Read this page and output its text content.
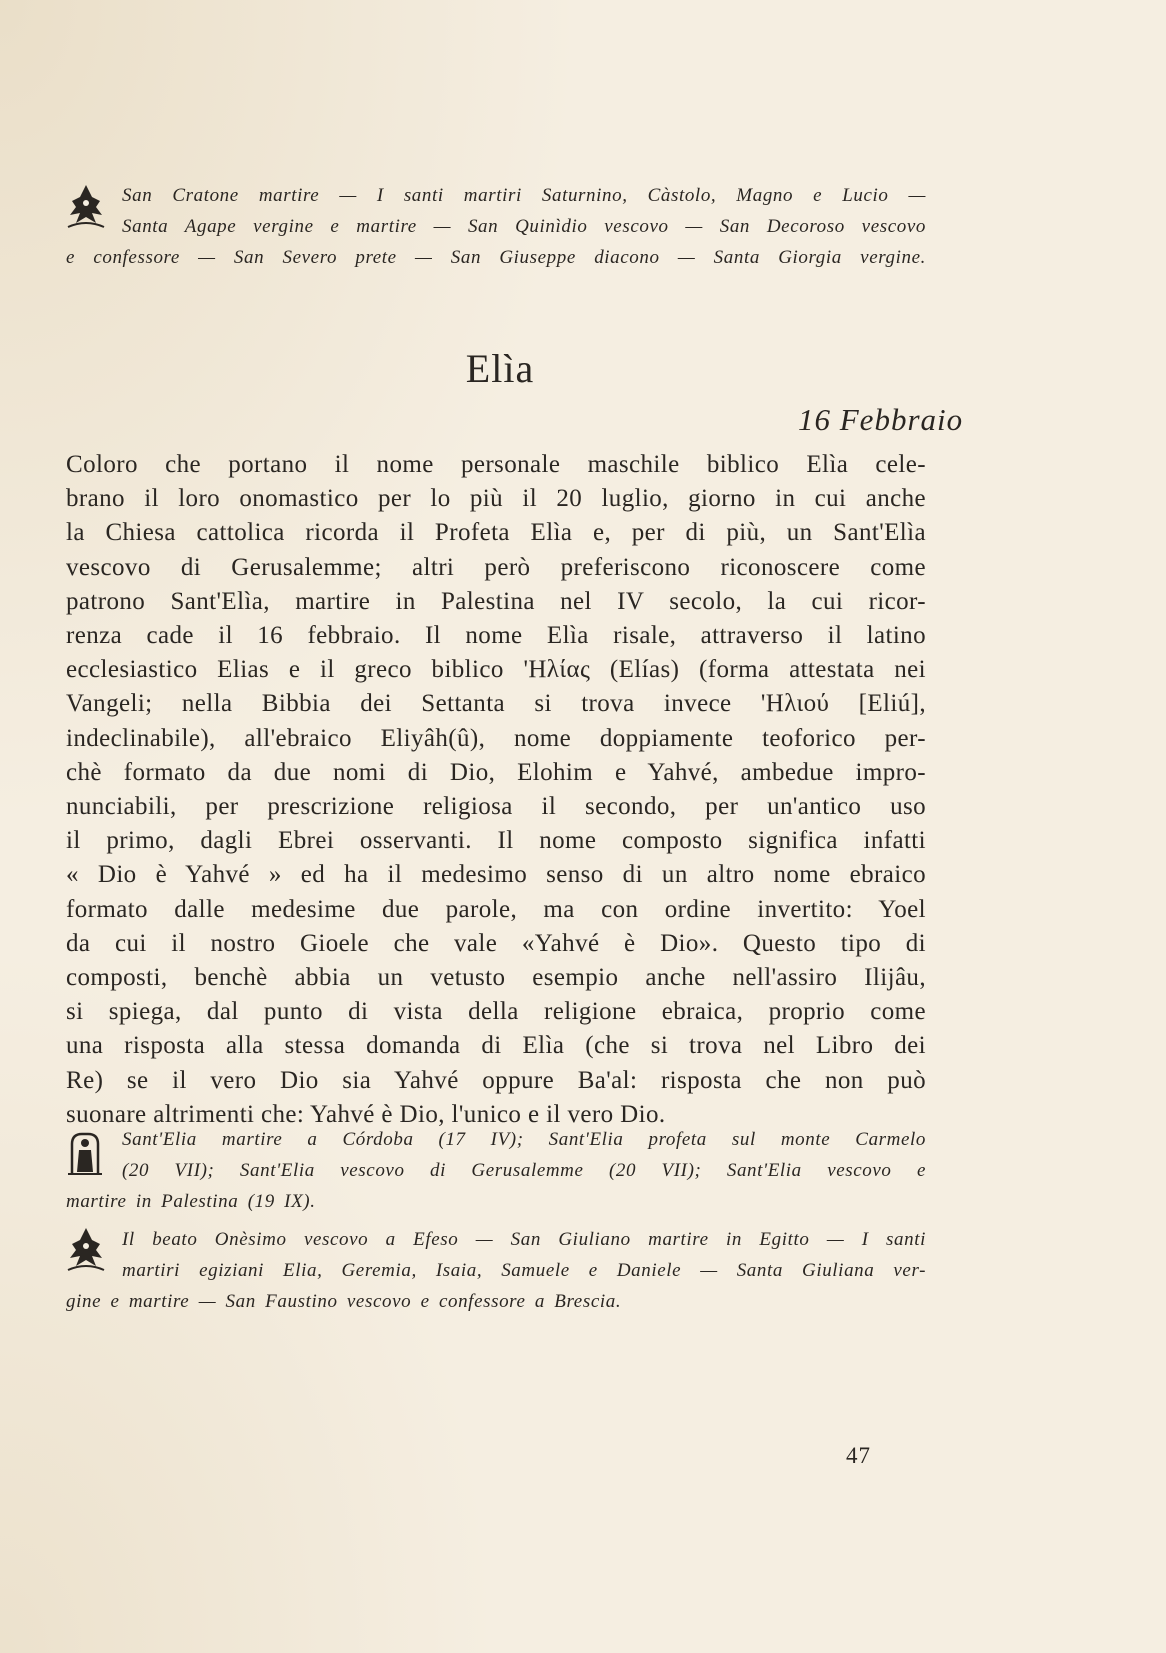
San Cratone martire — I santi martiri Saturnino, Càstolo, Magno e Lucio —
Santa Agape vergine e martire — San Quinìdio vescovo — San Decoroso vescovo
e confessore — San Severo prete — San Giuseppe diacono — Santa Giorgia vergine.
Elìa
16 Febbraio
Coloro che portano il nome personale maschile biblico Elìa cele-
brano il loro onomastico per lo più il 20 luglio, giorno in cui anche
la Chiesa cattolica ricorda il Profeta Elìa e, per di più, un Sant'Elìa
vescovo di Gerusalemme; altri però preferiscono riconoscere come
patrono Sant'Elìa, martire in Palestina nel IV secolo, la cui ricor-
renza cade il 16 febbraio. Il nome Elìa risale, attraverso il latino
ecclesiastico Elias e il greco biblico 'Ηλίας (Elías) (forma attestata nei
Vangeli; nella Bibbia dei Settanta si trova invece 'Ηλιού [Eliú],
indeclinabile), all'ebraico Eliyâh(û), nome doppiamente teoforico per-
chè formato da due nomi di Dio, Elohim e Yahvé, ambedue impro-
nunciabili, per prescrizione religiosa il secondo, per un'antico uso
il primo, dagli Ebrei osservanti. Il nome composto significa infatti
« Dio è Yahvé » ed ha il medesimo senso di un altro nome ebraico
formato dalle medesime due parole, ma con ordine invertito: Yoel
da cui il nostro Gioele che vale «Yahvé è Dio». Questo tipo di
composti, benchè abbia un vetusto esempio anche nell'assiro Ilijâu,
si spiega, dal punto di vista della religione ebraica, proprio come
una risposta alla stessa domanda di Elìa (che si trova nel Libro dei
Re) se il vero Dio sia Yahvé oppure Ba'al: risposta che non può
suonare altrimenti che: Yahvé è Dio, l'unico e il vero Dio.
Sant'Elia martire a Córdoba (17 IV); Sant'Elia profeta sul monte Carmelo
(20 VII); Sant'Elia vescovo di Gerusalemme (20 VII); Sant'Elia vescovo e
martire in Palestina (19 IX).
Il beato Onèsimo vescovo a Efeso — San Giuliano martire in Egitto — I santi
martiri egiziani Elia, Geremia, Isaia, Samuele e Daniele — Santa Giuliana ver-
gine e martire — San Faustino vescovo e confessore a Brescia.
47
